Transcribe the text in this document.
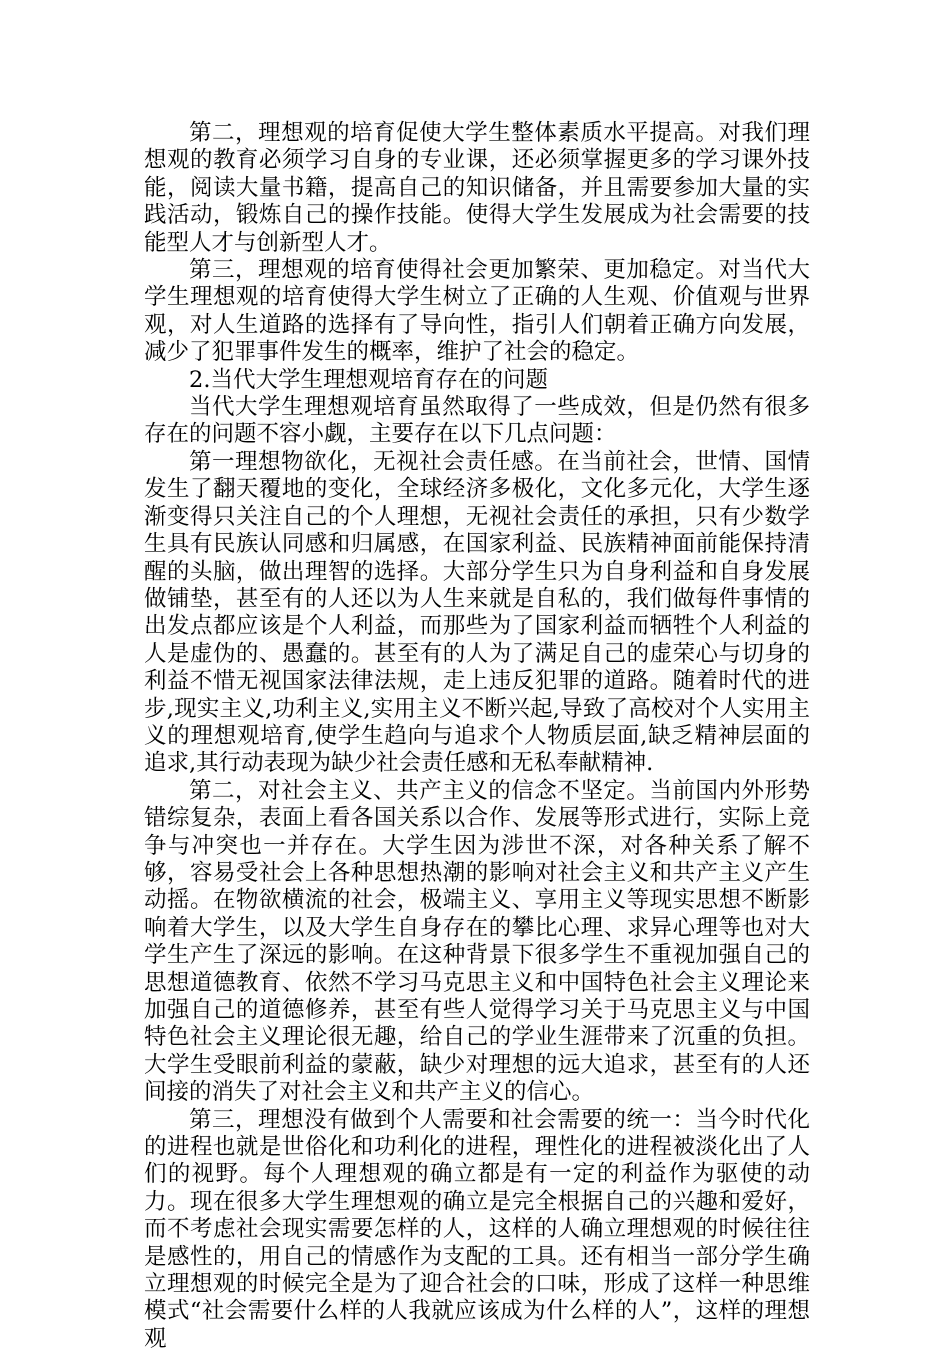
第二，理想观的培育促使大学生整体素质水平提高。对我们理想观的教育必须学习自身的专业课，还必须掌握更多的学习课外技能，阅读大量书籍，提高自己的知识储备，并且需要参加大量的实践活动，锻炼自己的操作技能。使得大学生发展成为社会需要的技能型人才与创新型人才。

第三，理想观的培育使得社会更加繁荣、更加稳定。对当代大学生理想观的培育使得大学生树立了正确的人生观、价值观与世界观，对人生道路的选择有了导向性，指引人们朝着正确方向发展，减少了犯罪事件发生的概率，维护了社会的稳定。

2.当代大学生理想观培育存在的问题

当代大学生理想观培育虽然取得了一些成效，但是仍然有很多存在的问题不容小觑，主要存在以下几点问题：

第一理想物欲化，无视社会责任感。在当前社会，世情、国情发生了翻天覆地的变化，全球经济多极化，文化多元化，大学生逐渐变得只关注自己的个人理想，无视社会责任的承担，只有少数学生具有民族认同感和归属感，在国家利益、民族精神面前能保持清醒的头脑，做出理智的选择。大部分学生只为自身利益和自身发展做铺垫，甚至有的人还以为人生来就是自私的，我们做每件事情的出发点都应该是个人利益，而那些为了国家利益而牺牲个人利益的人是虚伪的、愚蠢的。甚至有的人为了满足自己的虚荣心与切身的利益不惜无视国家法律法规，走上违反犯罪的道路。随着时代的进步,现实主义,功利主义,实用主义不断兴起,导致了高校对个人实用主义的理想观培育,使学生趋向与追求个人物质层面,缺乏精神层面的追求,其行动表现为缺少社会责任感和无私奉献精神.

第二，对社会主义、共产主义的信念不坚定。当前国内外形势错综复杂，表面上看各国关系以合作、发展等形式进行，实际上竞争与冲突也一并存在。大学生因为涉世不深，对各种关系了解不够，容易受社会上各种思想热潮的影响对社会主义和共产主义产生动摇。在物欲横流的社会，极端主义、享用主义等现实思想不断影响着大学生，以及大学生自身存在的攀比心理、求异心理等也对大学生产生了深远的影响。在这种背景下很多学生不重视加强自己的思想道德教育、依然不学习马克思主义和中国特色社会主义理论来加强自己的道德修养，甚至有些人觉得学习关于马克思主义与中国特色社会主义理论很无趣，给自己的学业生涯带来了沉重的负担。大学生受眼前利益的蒙蔽，缺少对理想的远大追求，甚至有的人还间接的消失了对社会主义和共产主义的信心。

第三，理想没有做到个人需要和社会需要的统一：当今时代化的进程也就是世俗化和功利化的进程，理性化的进程被淡化出了人们的视野。每个人理想观的确立都是有一定的利益作为驱使的动力。现在很多大学生理想观的确立是完全根据自己的兴趣和爱好，而不考虑社会现实需要怎样的人，这样的人确立理想观的时候往往是感性的，用自己的情感作为支配的工具。还有相当一部分学生确立理想观的时候完全是为了迎合社会的口味，形成了这样一种思维模式“社会需要什么样的人我就应该成为什么样的人”，这样的理想观
